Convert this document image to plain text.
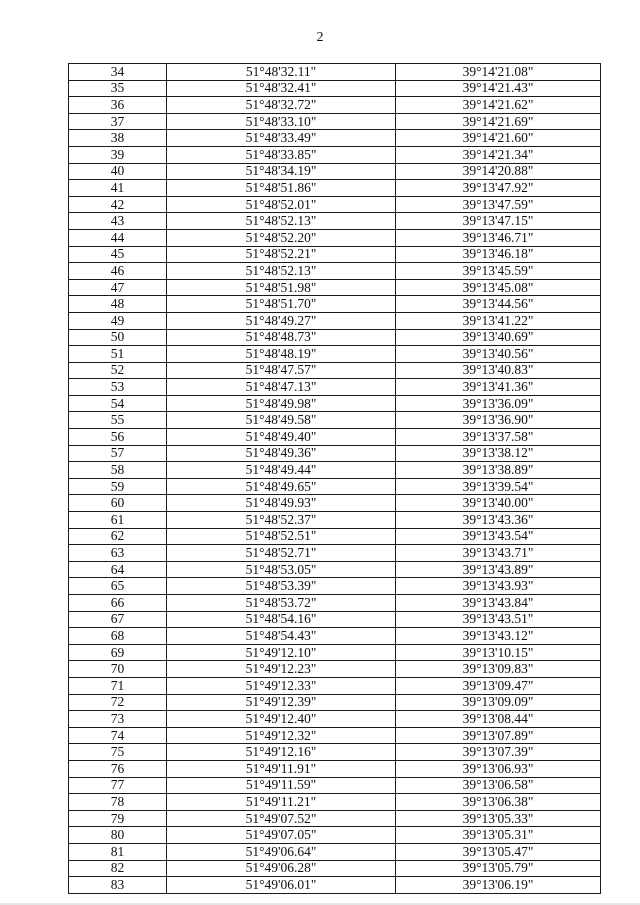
2
34	51°48'32.11"	39°14'21.08"
35	51°48'32.41"	39°14'21.43"
36	51°48'32.72"	39°14'21.62"
37	51°48'33.10"	39°14'21.69"
38	51°48'33.49"	39°14'21.60"
39	51°48'33.85"	39°14'21.34"
40	51°48'34.19"	39°14'20.88"
41	51°48'51.86"	39°13'47.92"
42	51°48'52.01"	39°13'47.59"
43	51°48'52.13"	39°13'47.15"
44	51°48'52.20"	39°13'46.71"
45	51°48'52.21"	39°13'46.18"
46	51°48'52.13"	39°13'45.59"
47	51°48'51.98"	39°13'45.08"
48	51°48'51.70"	39°13'44.56"
49	51°48'49.27"	39°13'41.22"
50	51°48'48.73"	39°13'40.69"
51	51°48'48.19"	39°13'40.56"
52	51°48'47.57"	39°13'40.83"
53	51°48'47.13"	39°13'41.36"
54	51°48'49.98"	39°13'36.09"
55	51°48'49.58"	39°13'36.90"
56	51°48'49.40"	39°13'37.58"
57	51°48'49.36"	39°13'38.12"
58	51°48'49.44"	39°13'38.89"
59	51°48'49.65"	39°13'39.54"
60	51°48'49.93"	39°13'40.00"
61	51°48'52.37"	39°13'43.36"
62	51°48'52.51"	39°13'43.54"
63	51°48'52.71"	39°13'43.71"
64	51°48'53.05"	39°13'43.89"
65	51°48'53.39"	39°13'43.93"
66	51°48'53.72"	39°13'43.84"
67	51°48'54.16"	39°13'43.51"
68	51°48'54.43"	39°13'43.12"
69	51°49'12.10"	39°13'10.15"
70	51°49'12.23"	39°13'09.83"
71	51°49'12.33"	39°13'09.47"
72	51°49'12.39"	39°13'09.09"
73	51°49'12.40"	39°13'08.44"
74	51°49'12.32"	39°13'07.89"
75	51°49'12.16"	39°13'07.39"
76	51°49'11.91"	39°13'06.93"
77	51°49'11.59"	39°13'06.58"
78	51°49'11.21"	39°13'06.38"
79	51°49'07.52"	39°13'05.33"
80	51°49'07.05"	39°13'05.31"
81	51°49'06.64"	39°13'05.47"
82	51°49'06.28"	39°13'05.79"
83	51°49'06.01"	39°13'06.19"
